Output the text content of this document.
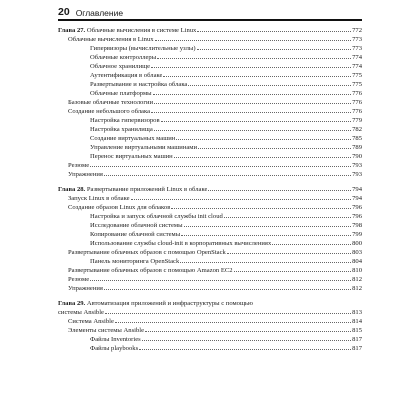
20 Оглавление
Глава 27. Облачные вычисления в системе Linux	772
Облачные вычисления в Linux	773
Гипервизоры (вычислительные узлы)	773
Облачные контроллеры	774
Облачное хранилище	774
Аутентификация в облаке	775
Развертывание и настройка облака	775
Облачные платформы	776
Базовые облачные технологии	776
Создание небольшого облака	776
Настройка гипервизоров	779
Настройка хранилища	782
Создание виртуальных машин	785
Управление виртуальными машинами	789
Перенос виртуальных машин	790
Резюме	793
Упражнения	793
Глава 28. Развертывание приложений Linux в облаке	794
Запуск Linux в облаке	794
Создание образов Linux для облаков	796
Настройка и запуск облачной службы init cloud	796
Исследование облачной системы	798
Копирование облачной системы	799
Использование службы cloud-init в корпоративных вычислениях	800
Развертывание облачных образов с помощью OpenStack	803
Панель мониторинга OpenStack	804
Развертывание облачных образов с помощью Amazon EC2	810
Резюме	812
Упражнения	812
Глава 29. Автоматизация приложений и инфраструктуры с помощью
системы Ansible	813
Система Ansible	814
Элементы системы Ansible	815
Файлы Inventories	817
Файлы playbooks	817
